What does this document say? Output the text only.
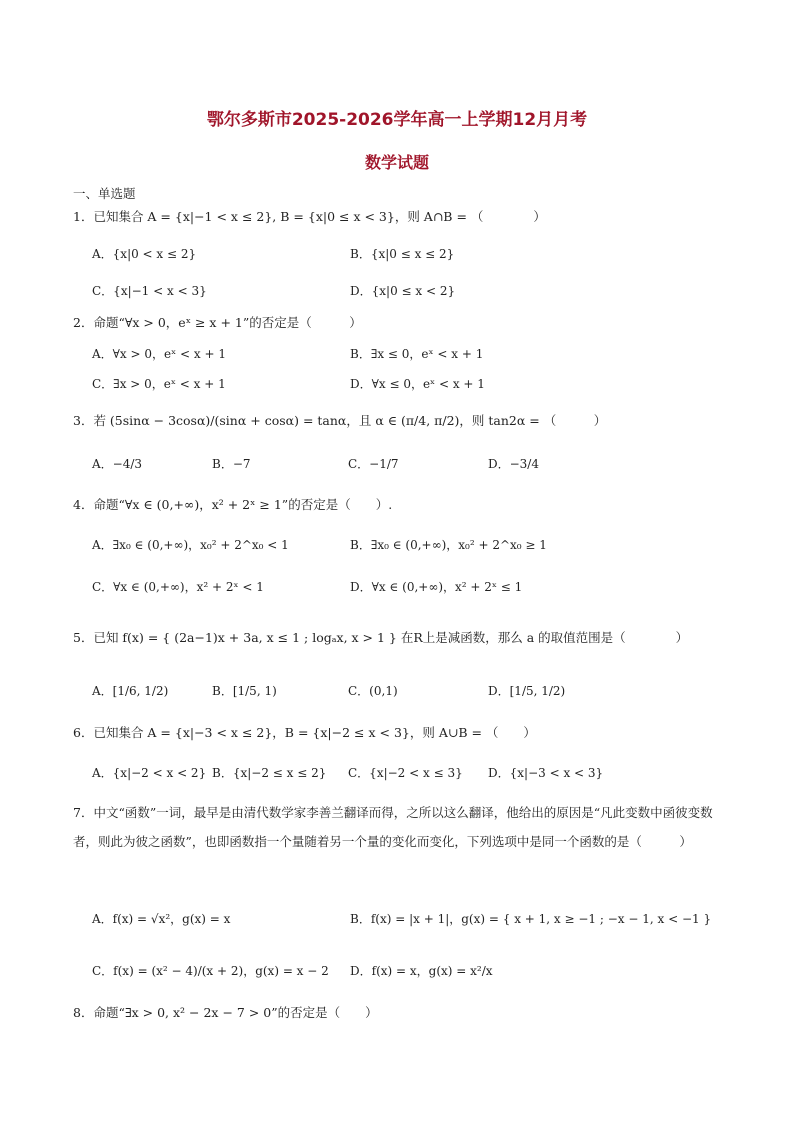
鄂尔多斯市2025-2026学年高一上学期12月月考
数学试题
一、单选题
1．已知集合 A = {x|−1 < x ≤ 2}, B = {x|0 ≤ x < 3}，则 A∩B = （　　　　）
A．{x|0 < x ≤ 2}	B．{x|0 ≤ x ≤ 2}
C．{x|−1 < x < 3}	D．{x|0 ≤ x < 2}
2．命题“∀x > 0，eˣ ≥ x + 1”的否定是（　　　）
A．∀x > 0，eˣ < x + 1	B．∃x ≤ 0，eˣ < x + 1
C．∃x > 0，eˣ < x + 1	D．∀x ≤ 0，eˣ < x + 1
3．若 (5sinα − 3cosα)/(sinα + cosα) = tanα，且 α ∈ (π/4, π/2)，则 tan2α = （　　　）
A．−4/3	B．−7	C．−1/7	D．−3/4
4．命题“∀x ∈ (0,+∞)，x² + 2ˣ ≥ 1”的否定是（　　）.
A．∃x₀ ∈ (0,+∞)，x₀² + 2^x₀ < 1	B．∃x₀ ∈ (0,+∞)，x₀² + 2^x₀ ≥ 1
C．∀x ∈ (0,+∞)，x² + 2ˣ < 1	D．∀x ∈ (0,+∞)，x² + 2ˣ ≤ 1
5．已知 f(x) = { (2a−1)x + 3a, x ≤ 1 ; logₐx, x > 1 } 在R上是减函数，那么 a 的取值范围是（　　　　）
A．[1/6, 1/2)	B．[1/5, 1)	C．(0,1)	D．[1/5, 1/2)
6．已知集合 A = {x|−3 < x ≤ 2}，B = {x|−2 ≤ x < 3}，则 A∪B = （　　）
A．{x|−2 < x < 2} B．{x|−2 ≤ x ≤ 2} C．{x|−2 < x ≤ 3} D．{x|−3 < x < 3}
7．中文“函数”一词，最早是由清代数学家李善兰翻译而得，之所以这么翻译，他给出的原因是“凡此变数中函彼变数者，则此为彼之函数”，也即函数指一个量随着另一个量的变化而变化，下列选项中是同一个函数的是（　　　）
A．f(x) = √x²，g(x) = x	B．f(x) = |x + 1|，g(x) = { x + 1, x ≥ −1 ; −x − 1, x < −1 }
C．f(x) = (x² − 4)/(x + 2)，g(x) = x − 2 D．f(x) = x，g(x) = x²/x
8．命题“∃x > 0, x² − 2x − 7 > 0”的否定是（　　）
